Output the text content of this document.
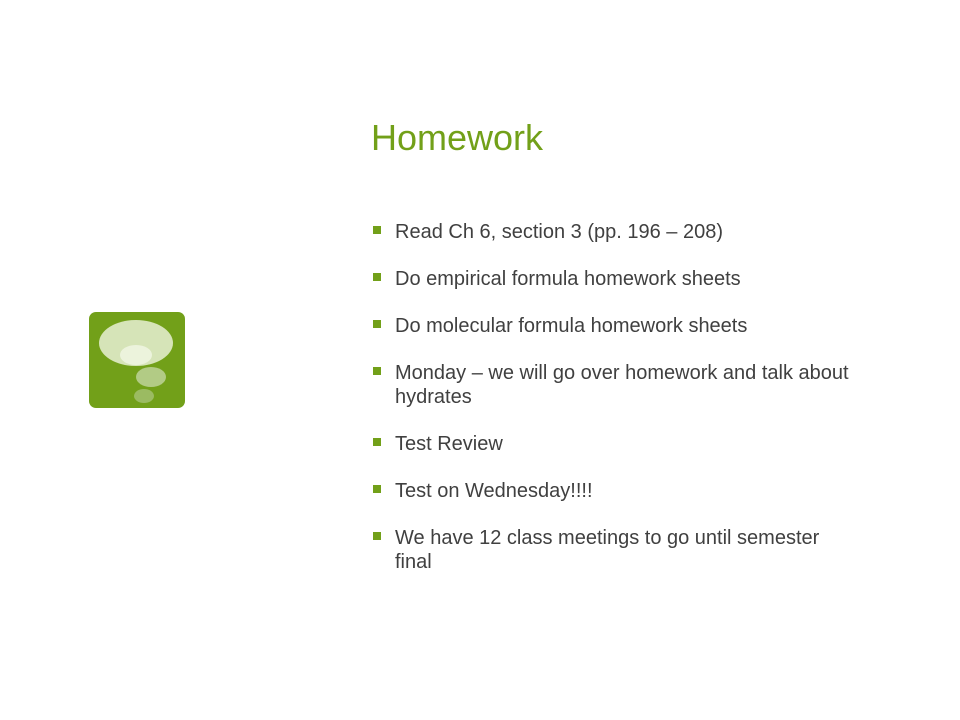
Homework
Read Ch 6, section 3 (pp. 196 – 208)
Do empirical formula homework sheets
Do molecular formula homework sheets
Monday – we will go over homework and talk about hydrates
Test Review
Test on Wednesday!!!!
We have 12 class meetings to go until semester final
